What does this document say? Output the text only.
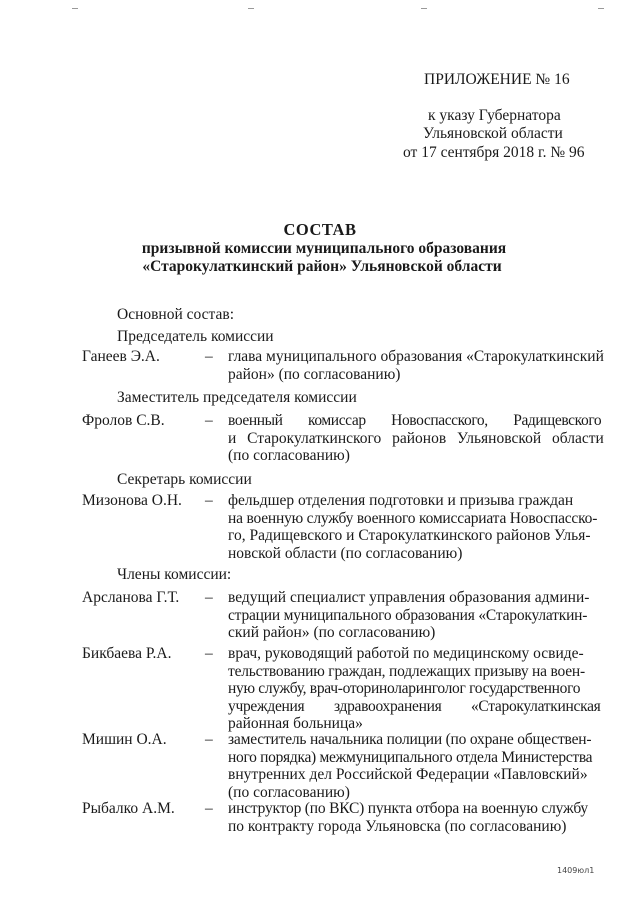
ПРИЛОЖЕНИЕ № 16
к указу Губернатора
Ульяновской области
от 17 сентября 2018 г. № 96
СОСТАВ
призывной комиссии муниципального образования
«Старокулаткинский район» Ульяновской области
Основной состав:
Председатель комиссии
Ганеев Э.А.	– глава муниципального образования «Старокулаткинский
район» (по согласованию)
Заместитель председателя комиссии
Фролов С.В.	– военный комиссар Новоспасского, Радищевского
и Старокулаткинского районов Ульяновской области
(по согласованию)
Секретарь комиссии
Мизонова О.Н. – фельдшер отделения подготовки и призыва граждан
на военную службу военного комиссариата Новоспасско-
го, Радищевского и Старокулаткинского районов Улья-
новской области (по согласованию)
Члены комиссии:
Арсланова Г.Т. – ведущий специалист управления образования админи-
страции муниципального образования «Старокулаткин-
ский район» (по согласованию)
Бикбаева Р.А. – врач, руководящий работой по медицинскому освиде-
тельствованию граждан, подлежащих призыву на воен-
ную службу, врач-оториноларинголог государственного
учреждения здравоохранения «Старокулаткинская
районная больница»
Мишин О.А. – заместитель начальника полиции (по охране обществен-
ного порядка) межмуниципального отдела Министерства
внутренних дел Российской Федерации «Павловский»
(по согласованию)
Рыбалко А.М. – инструктор (по ВКС) пункта отбора на военную службу
по контракту города Ульяновска (по согласованию)
1409юл1
